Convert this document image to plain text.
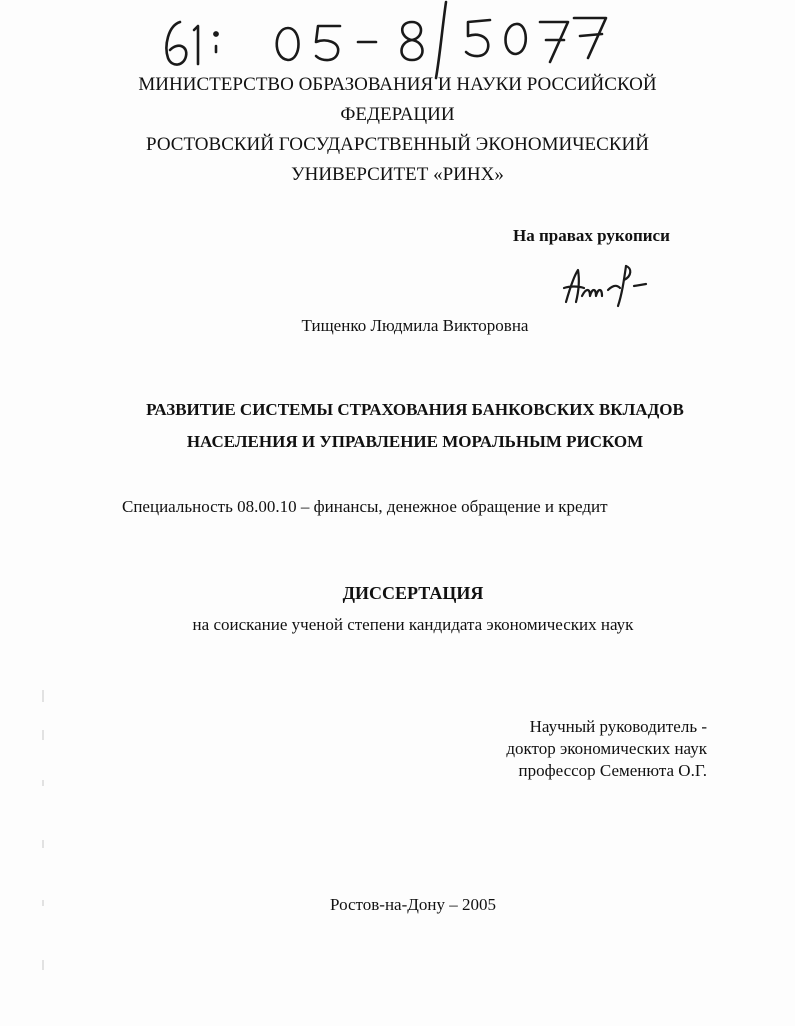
МИНИСТЕРСТВО ОБРАЗОВАНИЯ И НАУКИ РОССИЙСКОЙ
ФЕДЕРАЦИИ
РОСТОВСКИЙ ГОСУДАРСТВЕННЫЙ ЭКОНОМИЧЕСКИЙ
УНИВЕРСИТЕТ «РИНХ»
На правах рукописи
Тищенко Людмила Викторовна
РАЗВИТИЕ СИСТЕМЫ СТРАХОВАНИЯ БАНКОВСКИХ ВКЛАДОВ
НАСЕЛЕНИЯ И УПРАВЛЕНИЕ МОРАЛЬНЫМ РИСКОМ
Специальность 08.00.10 – финансы, денежное обращение и кредит
ДИССЕРТАЦИЯ
на соискание ученой степени кандидата экономических наук
Научный руководитель -
доктор экономических наук
профессор Семенюта О.Г.
Ростов-на-Дону – 2005
